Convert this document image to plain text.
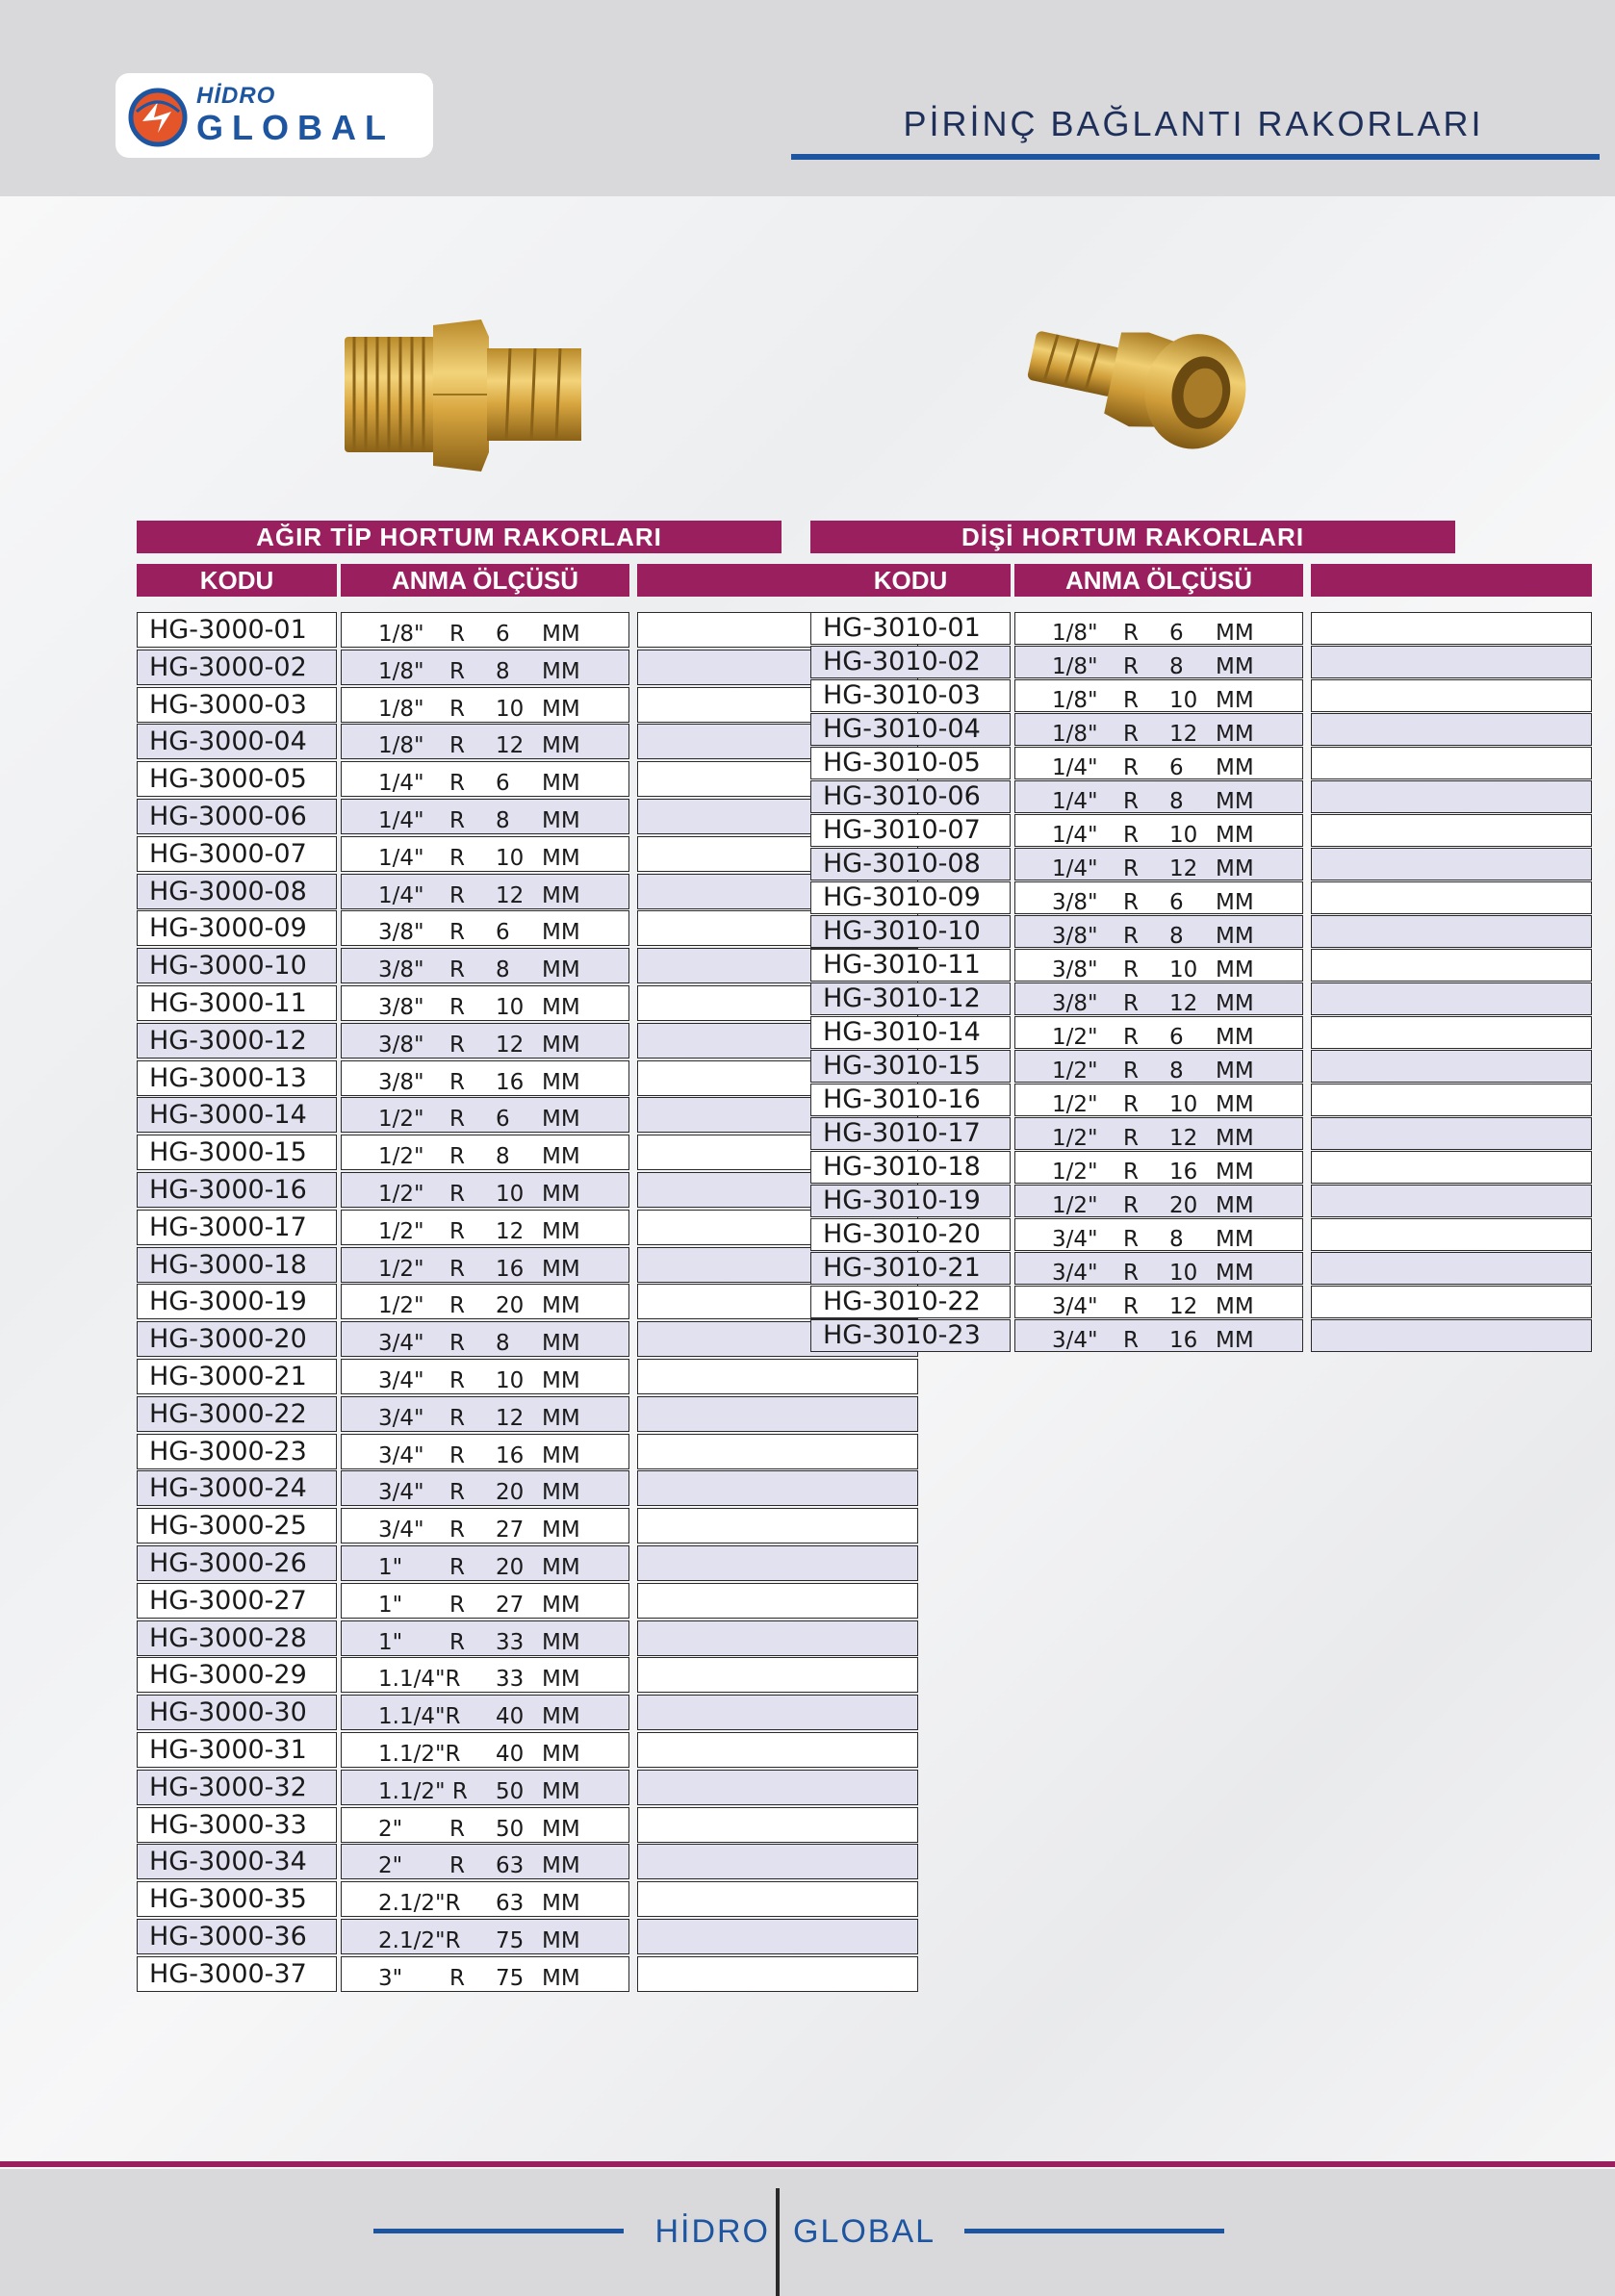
HİDRO
GLOBAL	PİRİNÇ BAĞLANTI RAKORLARI
AĞIR TİP HORTUM RAKORLARI
KODU	ANMA ÖLÇÜSÜ
HG-3000-01	1/8" R 6 MM
HG-3000-02	1/8" R 8 MM
HG-3000-03	1/8" R 10 MM
HG-3000-04	1/8" R 12 MM
HG-3000-05	1/4" R 6 MM
HG-3000-06	1/4" R 8 MM
HG-3000-07	1/4" R 10 MM
HG-3000-08	1/4" R 12 MM
HG-3000-09	3/8" R 6 MM
HG-3000-10	3/8" R 8 MM
HG-3000-11	3/8" R 10 MM
HG-3000-12	3/8" R 12 MM
HG-3000-13	3/8" R 16 MM
HG-3000-14	1/2" R 6 MM
HG-3000-15	1/2" R 8 MM
HG-3000-16	1/2" R 10 MM
HG-3000-17	1/2" R 12 MM
HG-3000-18	1/2" R 16 MM
HG-3000-19	1/2" R 20 MM
HG-3000-20	3/4" R 8 MM
HG-3000-21	3/4" R 10 MM
HG-3000-22	3/4" R 12 MM
HG-3000-23	3/4" R 16 MM
HG-3000-24	3/4" R 20 MM
HG-3000-25	3/4" R 27 MM
HG-3000-26	1" R 20 MM
HG-3000-27	1" R 27 MM
HG-3000-28	1" R 33 MM
HG-3000-29	1.1/4"R 33 MM
HG-3000-30	1.1/4"R 40 MM
HG-3000-31	1.1/2"R 40 MM
HG-3000-32	1.1/2" R 50 MM
HG-3000-33	2" R 50 MM
HG-3000-34	2" R 63 MM
HG-3000-35	2.1/2"R 63 MM
HG-3000-36	2.1/2"R 75 MM
HG-3000-37	3" R 75 MM
DİŞİ HORTUM RAKORLARI
KODU	ANMA ÖLÇÜSÜ
HG-3010-01	1/8" R 6 MM
HG-3010-02	1/8" R 8 MM
HG-3010-03	1/8" R 10 MM
HG-3010-04	1/8" R 12 MM
HG-3010-05	1/4" R 6 MM
HG-3010-06	1/4" R 8 MM
HG-3010-07	1/4" R 10 MM
HG-3010-08	1/4" R 12 MM
HG-3010-09	3/8" R 6 MM
HG-3010-10	3/8" R 8 MM
HG-3010-11	3/8" R 10 MM
HG-3010-12	3/8" R 12 MM
HG-3010-14	1/2" R 6 MM
HG-3010-15	1/2" R 8 MM
HG-3010-16	1/2" R 10 MM
HG-3010-17	1/2" R 12 MM
HG-3010-18	1/2" R 16 MM
HG-3010-19	1/2" R 20 MM
HG-3010-20	3/4" R 8 MM
HG-3010-21	3/4" R 10 MM
HG-3010-22	3/4" R 12 MM
HG-3010-23	3/4" R 16 MM
HİDRO GLOBAL
